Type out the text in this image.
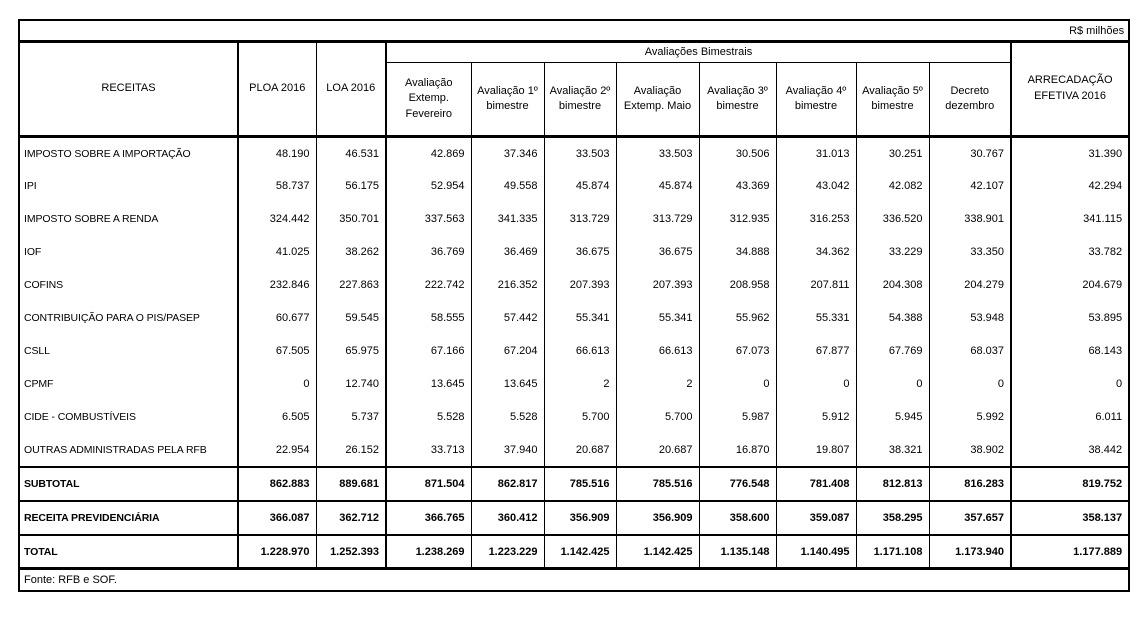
R$ milhões											
RECEITAS	PLOA 2016	LOA 2016	Avaliações Bimestrais								ARRECADAÇÃO EFETIVA 2016
			Avaliação Extemp. Fevereiro	Avaliação 1º bimestre	Avaliação 2º bimestre	Avaliação Extemp. Maio	Avaliação 3º bimestre	Avaliação 4º bimestre	Avaliação 5º bimestre	Decreto dezembro	
IMPOSTO SOBRE A IMPORTAÇÃO	48.190	46.531	42.869	37.346	33.503	33.503	30.506	31.013	30.251	30.767	31.390
IPI	58.737	56.175	52.954	49.558	45.874	45.874	43.369	43.042	42.082	42.107	42.294
IMPOSTO SOBRE A RENDA	324.442	350.701	337.563	341.335	313.729	313.729	312.935	316.253	336.520	338.901	341.115
IOF	41.025	38.262	36.769	36.469	36.675	36.675	34.888	34.362	33.229	33.350	33.782
COFINS	232.846	227.863	222.742	216.352	207.393	207.393	208.958	207.811	204.308	204.279	204.679
CONTRIBUIÇÃO PARA O PIS/PASEP	60.677	59.545	58.555	57.442	55.341	55.341	55.962	55.331	54.388	53.948	53.895
CSLL	67.505	65.975	67.166	67.204	66.613	66.613	67.073	67.877	67.769	68.037	68.143
CPMF	0	12.740	13.645	13.645	2	2	0	0	0	0	0
CIDE - COMBUSTÍVEIS	6.505	5.737	5.528	5.528	5.700	5.700	5.987	5.912	5.945	5.992	6.011
OUTRAS ADMINISTRADAS PELA RFB	22.954	26.152	33.713	37.940	20.687	20.687	16.870	19.807	38.321	38.902	38.442
SUBTOTAL	862.883	889.681	871.504	862.817	785.516	785.516	776.548	781.408	812.813	816.283	819.752
RECEITA PREVIDENCIÁRIA	366.087	362.712	366.765	360.412	356.909	356.909	358.600	359.087	358.295	357.657	358.137
TOTAL	1.228.970	1.252.393	1.238.269	1.223.229	1.142.425	1.142.425	1.135.148	1.140.495	1.171.108	1.173.940	1.177.889
Fonte: RFB e SOF.											
